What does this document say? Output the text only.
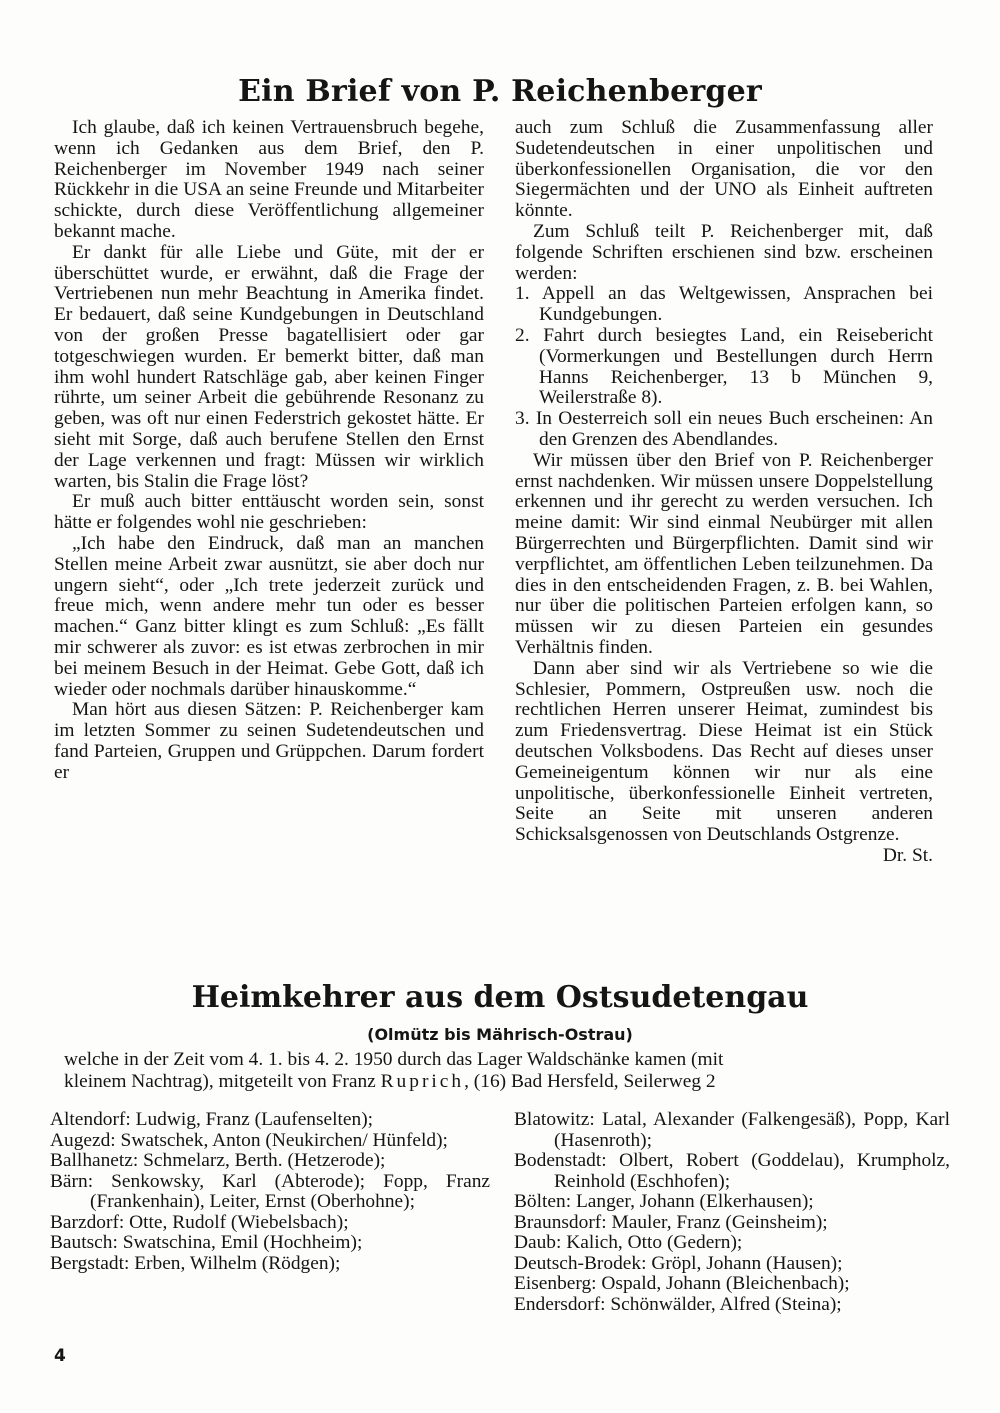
Ein Brief von P. Reichenberger

Ich glaube, daß ich keinen Vertrauensbruch begehe, wenn ich Gedanken aus dem Brief, den P. Reichenberger im November 1949 nach seiner Rückkehr in die USA an seine Freunde und Mitarbeiter schickte, durch diese Veröffentlichung allgemeiner bekannt mache.

Er dankt für alle Liebe und Güte, mit der er überschüttet wurde, er erwähnt, daß die Frage der Vertriebenen nun mehr Beachtung in Amerika findet. Er bedauert, daß seine Kundgebungen in Deutschland von der großen Presse bagatellisiert oder gar totgeschwiegen wurden. Er bemerkt bitter, daß man ihm wohl hundert Ratschläge gab, aber keinen Finger rührte, um seiner Arbeit die gebührende Resonanz zu geben, was oft nur einen Federstrich gekostet hätte. Er sieht mit Sorge, daß auch berufene Stellen den Ernst der Lage verkennen und fragt: Müssen wir wirklich warten, bis Stalin die Frage löst?

Er muß auch bitter enttäuscht worden sein, sonst hätte er folgendes wohl nie geschrieben:

„Ich habe den Eindruck, daß man an manchen Stellen meine Arbeit zwar ausnützt, sie aber doch nur ungern sieht“, oder „Ich trete jederzeit zurück und freue mich, wenn andere mehr tun oder es besser machen.“ Ganz bitter klingt es zum Schluß: „Es fällt mir schwerer als zuvor: es ist etwas zerbrochen in mir bei meinem Besuch in der Heimat. Gebe Gott, daß ich wieder oder nochmals darüber hinauskomme.“

Man hört aus diesen Sätzen: P. Reichenberger kam im letzten Sommer zu seinen Sudetendeutschen und fand Parteien, Gruppen und Grüppchen. Darum fordert er

auch zum Schluß die Zusammenfassung aller Sudetendeutschen in einer unpolitischen und überkonfessionellen Organisation, die vor den Siegermächten und der UNO als Einheit auftreten könnte.

Zum Schluß teilt P. Reichenberger mit, daß folgende Schriften erschienen sind bzw. erscheinen werden:

1. Appell an das Weltgewissen, Ansprachen bei Kundgebungen.
2. Fahrt durch besiegtes Land, ein Reisebericht (Vormerkungen und Bestellungen durch Herrn Hanns Reichenberger, 13 b München 9, Weilerstraße 8).
3. In Oesterreich soll ein neues Buch erscheinen: An den Grenzen des Abendlandes.

Wir müssen über den Brief von P. Reichenberger ernst nachdenken. Wir müssen unsere Doppelstellung erkennen und ihr gerecht zu werden versuchen. Ich meine damit: Wir sind einmal Neubürger mit allen Bürgerrechten und Bürgerpflichten. Damit sind wir verpflichtet, am öffentlichen Leben teilzunehmen. Da dies in den entscheidenden Fragen, z. B. bei Wahlen, nur über die politischen Parteien erfolgen kann, so müssen wir zu diesen Parteien ein gesundes Verhältnis finden.

Dann aber sind wir als Vertriebene so wie die Schlesier, Pommern, Ostpreußen usw. noch die rechtlichen Herren unserer Heimat, zumindest bis zum Friedensvertrag. Diese Heimat ist ein Stück deutschen Volksbodens. Das Recht auf dieses unser Gemeineigentum können wir nur als eine unpolitische, überkonfessionelle Einheit vertreten, Seite an Seite mit unseren anderen Schicksalsgenossen von Deutschlands Ostgrenze.

Dr. St.
Heimkehrer aus dem Ostsudetengau
(Olmütz bis Mährisch-Ostrau)
welche in der Zeit vom 4. 1. bis 4. 2. 1950 durch das Lager Waldschänke kamen (mit
kleinem Nachtrag), mitgeteilt von Franz Ruprich, (16) Bad Hersfeld, Seilerweg 2
Altendorf: Ludwig, Franz (Laufenselten);
Augezd: Swatschek, Anton (Neukirchen/ Hünfeld);
Ballhanetz: Schmelarz, Berth. (Hetzerode);
Bärn: Senkowsky, Karl (Abterode); Fopp, Franz (Frankenhain), Leiter, Ernst (Oberhohne);
Barzdorf: Otte, Rudolf (Wiebelsbach);
Bautsch: Swatschina, Emil (Hochheim);
Bergstadt: Erben, Wilhelm (Rödgen);
Blatowitz: Latal, Alexander (Falkengesäß), Popp, Karl (Hasenroth);
Bodenstadt: Olbert, Robert (Goddelau), Krumpholz, Reinhold (Eschhofen);
Bölten: Langer, Johann (Elkerhausen);
Braunsdorf: Mauler, Franz (Geinsheim);
Daub: Kalich, Otto (Gedern);
Deutsch-Brodek: Gröpl, Johann (Hausen);
Eisenberg: Ospald, Johann (Bleichenbach);
Endersdorf: Schönwälder, Alfred (Steina);
4
